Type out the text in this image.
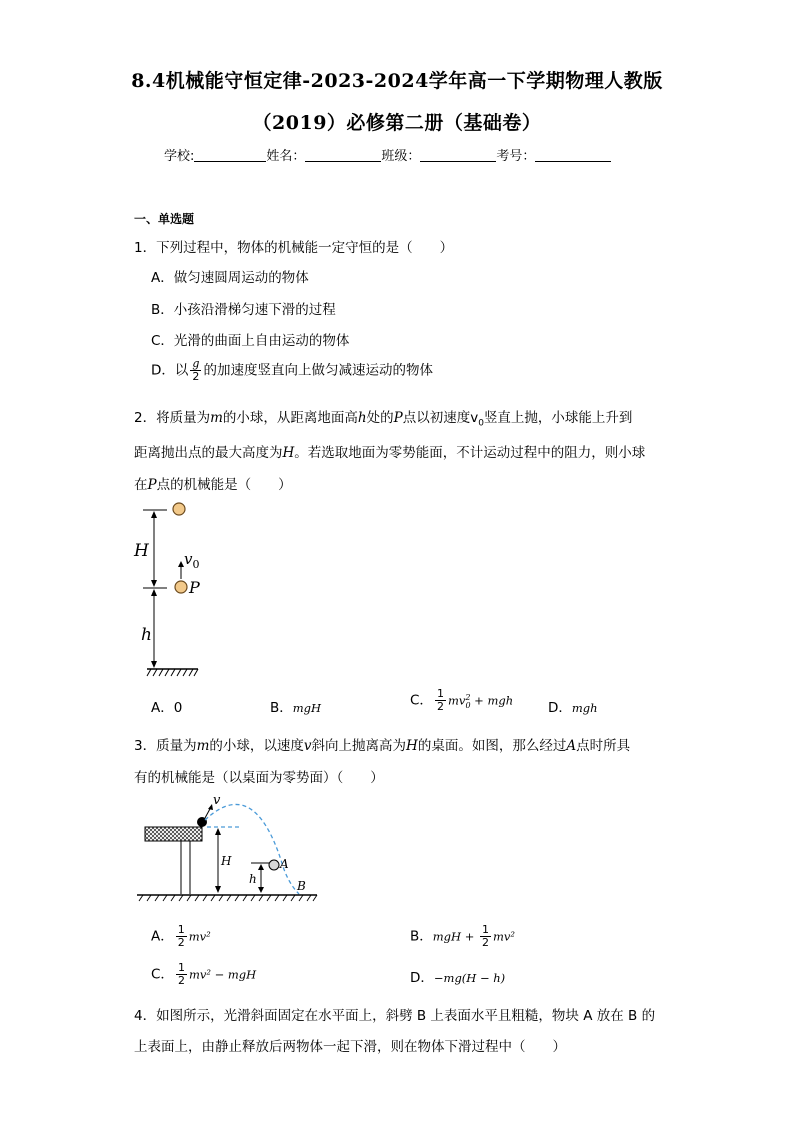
8.4机械能守恒定律-2023-2024学年高一下学期物理人教版
（2019）必修第二册（基础卷）
学校:	姓名：	班级：	考号：
一、单选题
1．下列过程中，物体的机械能一定守恒的是（　　）
A．做匀速圆周运动的物体
B．小孩沿滑梯匀速下滑的过程
C．光滑的曲面上自由运动的物体
D．以 $\frac{g}{2}$ 的加速度竖直向上做匀减速运动的物体
2．将质量为m的小球，从距离地面高h处的P点以初速度$v_0$竖直上抛，小球能上升到
距离抛出点的最大高度为H。若选取地面为零势能面，不计运动过程中的阻力，则小球
在P点的机械能是（　　）
H $v_0$
P
h
A．0	B．mgH	C． $\frac{1}{2} mv^2_0$ + mgh	D．mgh
3．质量为m的小球，以速度v斜向上抛离高为H的桌面。如图，那么经过A点时所具
有的机械能是（以桌面为零势面）（　　）
v
H
h
A
B
A． $\frac{1}{2} mv^2$	B．mgH + $\frac{1}{2} mv^2$
C． $\frac{1}{2} mv^2$ − mgH	D．−mg(H − h)
4．如图所示，光滑斜面固定在水平面上，斜劈 B 上表面水平且粗糙，物块 A 放在 B 的
上表面上，由静止释放后两物体一起下滑，则在物体下滑过程中（　　）
